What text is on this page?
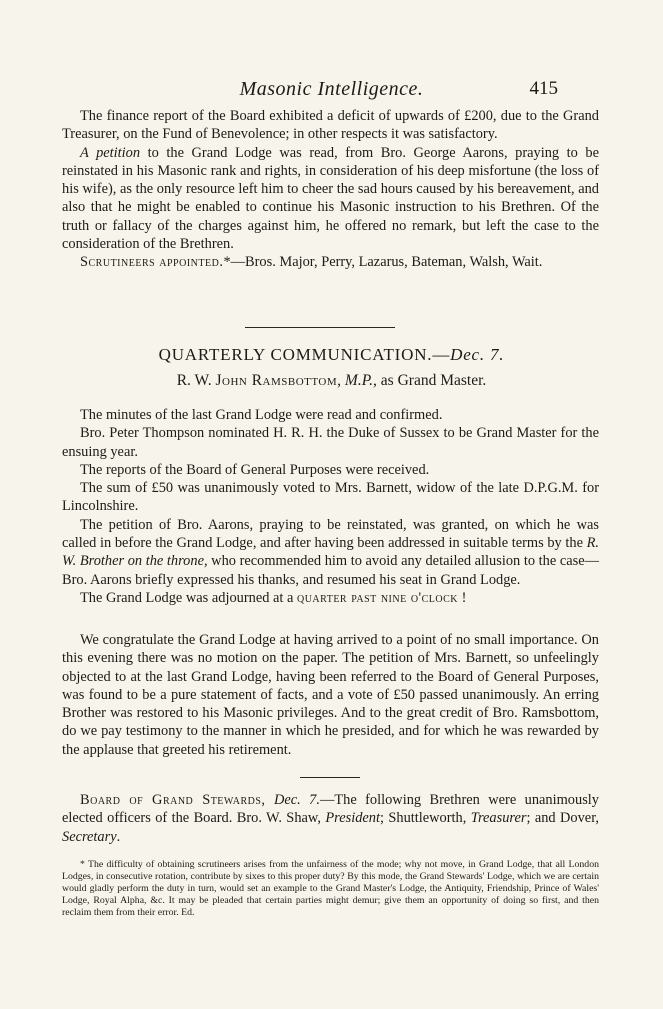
Masonic Intelligence.	415

The finance report of the Board exhibited a deficit of upwards of £200, due to the Grand Treasurer, on the Fund of Benevolence; in other respects it was satisfactory.

A petition to the Grand Lodge was read, from Bro. George Aarons, praying to be reinstated in his Masonic rank and rights, in consideration of his deep misfortune (the loss of his wife), as the only resource left him to cheer the sad hours caused by his bereavement, and also that he might be enabled to continue his Masonic instruction to his Brethren. Of the truth or fallacy of the charges against him, he offered no remark, but left the case to the consideration of the Brethren.

Scrutineers appointed.*—Bros. Major, Perry, Lazarus, Bateman, Walsh, Wait.

QUARTERLY COMMUNICATION.—Dec. 7.
R. W. John Ramsbottom, M.P., as Grand Master.

The minutes of the last Grand Lodge were read and confirmed.

Bro. Peter Thompson nominated H. R. H. the Duke of Sussex to be Grand Master for the ensuing year.

The reports of the Board of General Purposes were received.

The sum of £50 was unanimously voted to Mrs. Barnett, widow of the late D.P.G.M. for Lincolnshire.

The petition of Bro. Aarons, praying to be reinstated, was granted, on which he was called in before the Grand Lodge, and after having been addressed in suitable terms by the R. W. Brother on the throne, who recommended him to avoid any detailed allusion to the case—Bro. Aarons briefly expressed his thanks, and resumed his seat in Grand Lodge.

The Grand Lodge was adjourned at a quarter past nine o'clock !

We congratulate the Grand Lodge at having arrived to a point of no small importance. On this evening there was no motion on the paper. The petition of Mrs. Barnett, so unfeelingly objected to at the last Grand Lodge, having been referred to the Board of General Purposes, was found to be a pure statement of facts, and a vote of £50 passed unanimously. An erring Brother was restored to his Masonic privileges. And to the great credit of Bro. Ramsbottom, do we pay testimony to the manner in which he presided, and for which he was rewarded by the applause that greeted his retirement.

Board of Grand Stewards, Dec. 7.—The following Brethren were unanimously elected officers of the Board. Bro. W. Shaw, President; Shuttleworth, Treasurer; and Dover, Secretary.

* The difficulty of obtaining scrutineers arises from the unfairness of the mode; why not move, in Grand Lodge, that all London Lodges, in consecutive rotation, contribute by sixes to this proper duty? By this mode, the Grand Stewards' Lodge, which we are certain would gladly perform the duty in turn, would set an example to the Grand Master's Lodge, the Antiquity, Friendship, Prince of Wales' Lodge, Royal Alpha, &c. It may be pleaded that certain parties might demur; give them an opportunity of doing so first, and then reclaim them from their error. Ed.
